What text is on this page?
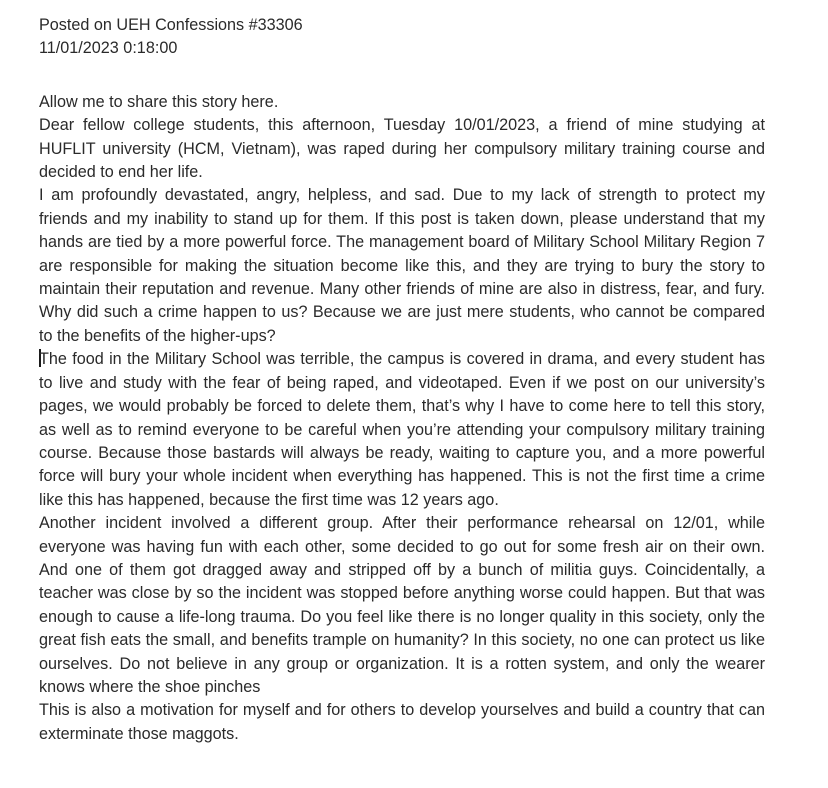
Posted on UEH Confessions #33306
11/01/2023 0:18:00

Allow me to share this story here.

Dear fellow college students, this afternoon, Tuesday 10/01/2023, a friend of mine studying at HUFLIT university (HCM, Vietnam), was raped during her compulsory military training course and decided to end her life.

I am profoundly devastated, angry, helpless, and sad. Due to my lack of strength to protect my friends and my inability to stand up for them. If this post is taken down, please understand that my hands are tied by a more powerful force. The management board of Military School Military Region 7 are responsible for making the situation become like this, and they are trying to bury the story to maintain their reputation and revenue. Many other friends of mine are also in distress, fear, and fury. Why did such a crime happen to us? Because we are just mere students, who cannot be compared to the benefits of the higher-ups?

The food in the Military School was terrible, the campus is covered in drama, and every student has to live and study with the fear of being raped, and videotaped. Even if we post on our university’s pages, we would probably be forced to delete them, that’s why I have to come here to tell this story, as well as to remind everyone to be careful when you’re attending your compulsory military training course. Because those bastards will always be ready, waiting to capture you, and a more powerful force will bury your whole incident when everything has happened. This is not the first time a crime like this has happened, because the first time was 12 years ago.

Another incident involved a different group. After their performance rehearsal on 12/01, while everyone was having fun with each other, some decided to go out for some fresh air on their own. And one of them got dragged away and stripped off by a bunch of militia guys. Coincidentally, a teacher was close by so the incident was stopped before anything worse could happen. But that was enough to cause a life-long trauma. Do you feel like there is no longer quality in this society, only the great fish eats the small, and benefits trample on humanity? In this society, no one can protect us like ourselves. Do not believe in any group or organization. It is a rotten system, and only the wearer knows where the shoe pinches

This is also a motivation for myself and for others to develop yourselves and build a country that can exterminate those maggots.
